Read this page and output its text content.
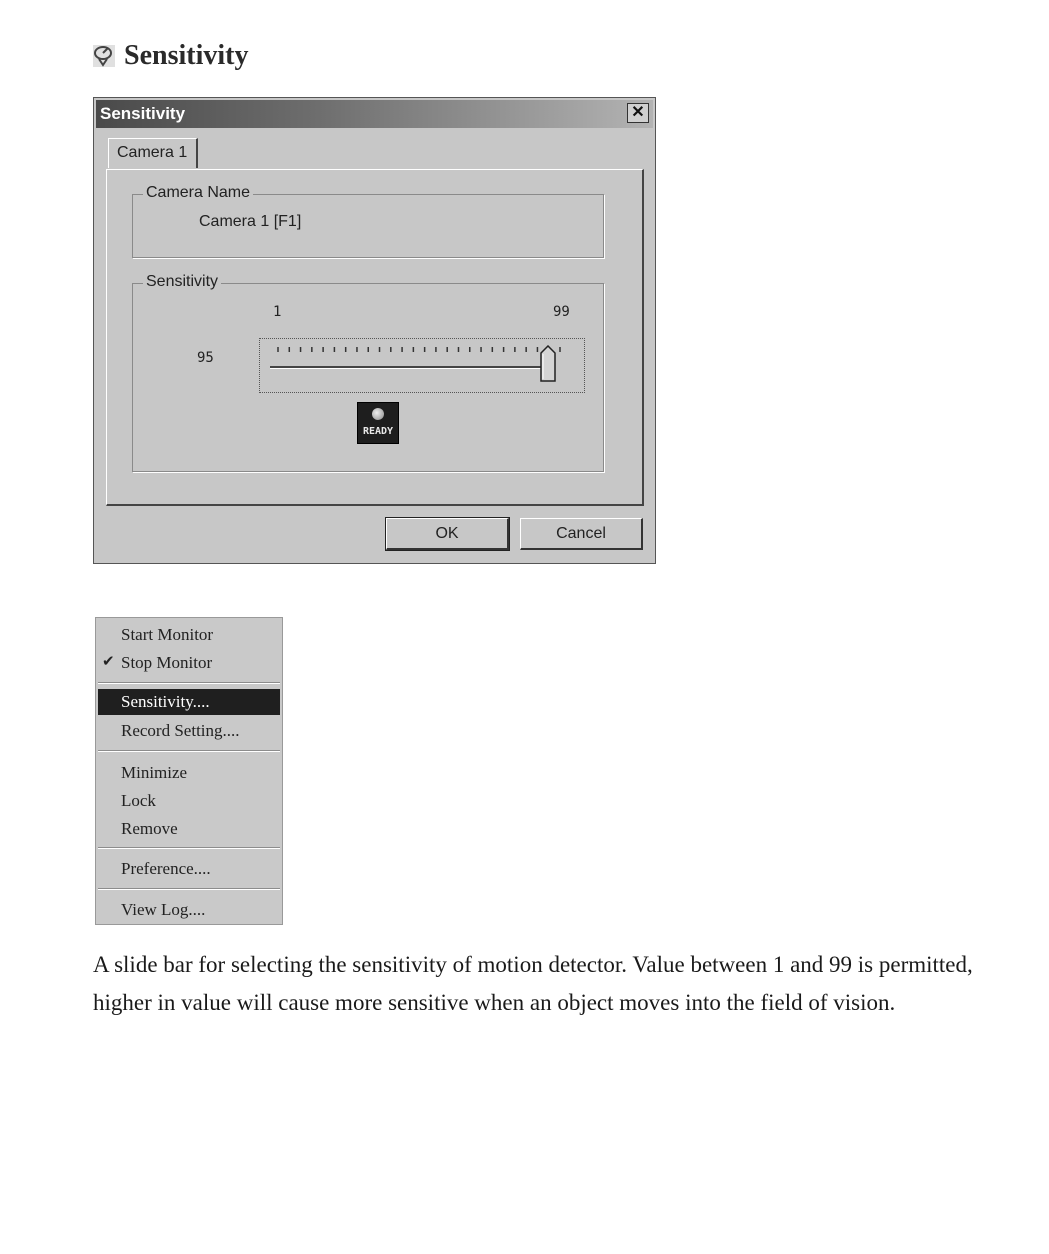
Sensitivity
Sensitivity	✕
Camera 1
Camera Name
Camera 1 [F1]
Sensitivity
1	99
95
READY
OK	Cancel
Start Monitor
✔ Stop Monitor
Sensitivity....
Record Setting....
Minimize
Lock
Remove
Preference....
View Log....
A slide bar for selecting the sensitivity of motion detector. Value between 1 and 99 is permitted, higher in value will cause more sensitive when an object moves into the field of vision.
